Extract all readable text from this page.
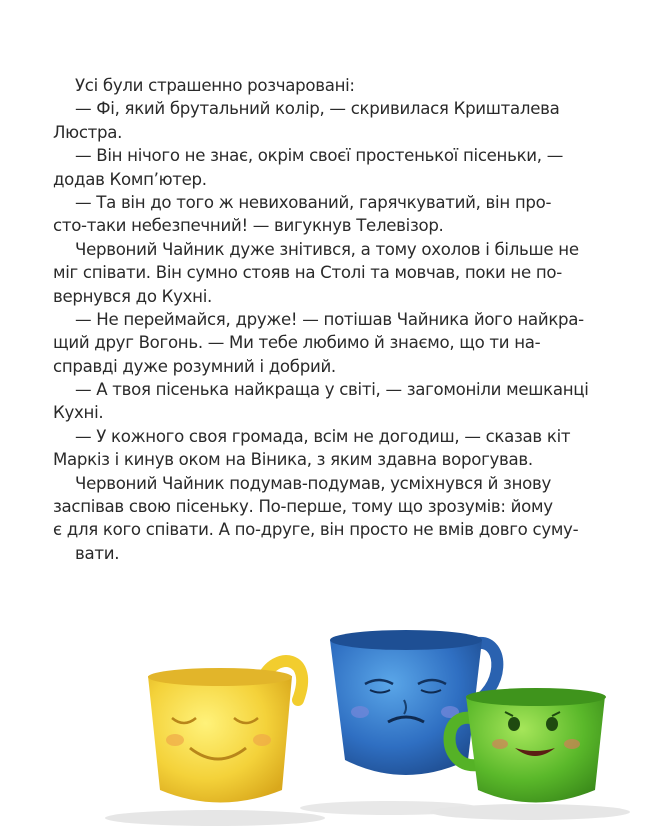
Усі були страшенно розчаровані:
— Фі, який брутальний колір, — скривилася Кришталева
Люстра.
— Він нічого не знає, окрім своєї простенької пісеньки, —
додав Комп’ютер.
— Та він до того ж невихований, гарячкуватий, він про-
сто-таки небезпечний! — вигукнув Телевізор.
Червоний Чайник дуже знітився, а тому охолов і більше не
міг співати. Він сумно стояв на Столі та мовчав, поки не по-
вернувся до Кухні.
— Не переймайся, друже! — потішав Чайника його найкра-
щий друг Вогонь. — Ми тебе любимо й знаємо, що ти на-
справді дуже розумний і добрий.
— А твоя пісенька найкраща у світі, — загомоніли мешканці
Кухні.
— У кожного своя громада, всім не догодиш, — сказав кіт
Маркіз і кинув оком на Віника, з яким здавна ворогував.
Червоний Чайник подумав-подумав, усміхнувся й знову
заспівав свою пісеньку. По-перше, тому що зрозумів: йому
є для кого співати. А по-друге, він просто не вмів довго суму-
вати.
